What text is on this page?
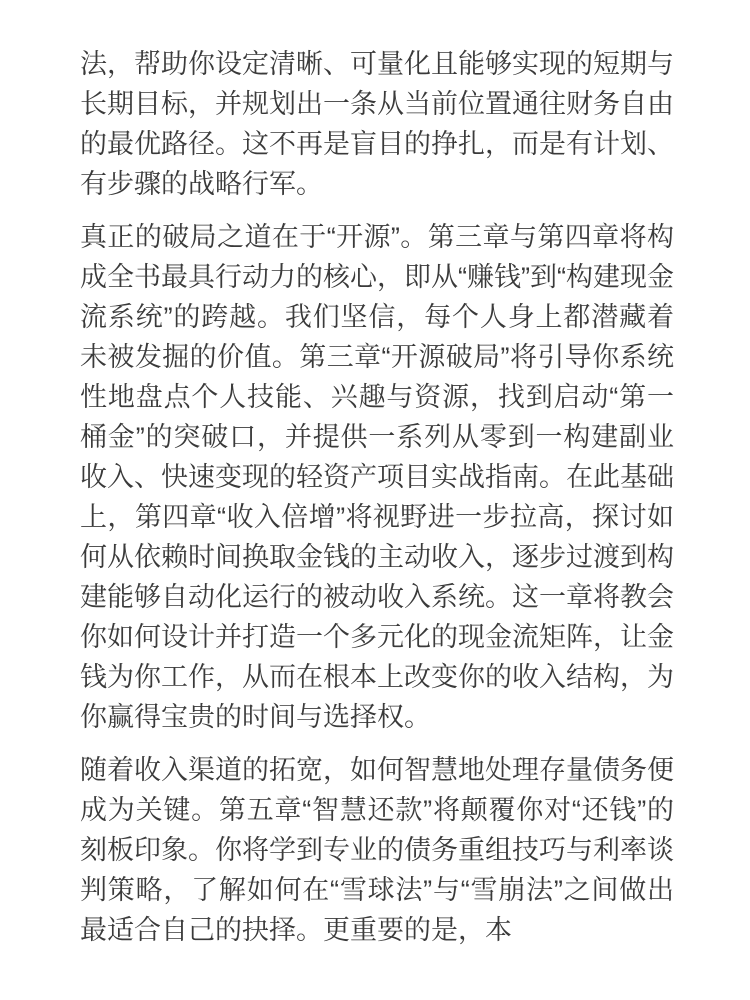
法，帮助你设定清晰、可量化且能够实现的短期与长期目标，并规划出一条从当前位置通往财务自由的最优路径。这不再是盲目的挣扎，而是有计划、有步骤的战略行军。

真正的破局之道在于“开源”。第三章与第四章将构成全书最具行动力的核心，即从“赚钱”到“构建现金流系统”的跨越。我们坚信，每个人身上都潜藏着未被发掘的价值。第三章“开源破局”将引导你系统性地盘点个人技能、兴趣与资源，找到启动“第一桶金”的突破口，并提供一系列从零到一构建副业收入、快速变现的轻资产项目实战指南。在此基础上，第四章“收入倍增”将视野进一步拉高，探讨如何从依赖时间换取金钱的主动收入，逐步过渡到构建能够自动化运行的被动收入系统。这一章将教会你如何设计并打造一个多元化的现金流矩阵，让金钱为你工作，从而在根本上改变你的收入结构，为你赢得宝贵的时间与选择权。

随着收入渠道的拓宽，如何智慧地处理存量债务便成为关键。第五章“智慧还款”将颠覆你对“还钱”的刻板印象。你将学到专业的债务重组技巧与利率谈判策略，了解如何在“雪球法”与“雪崩法”之间做出最适合自己的抉择。更重要的是，本
